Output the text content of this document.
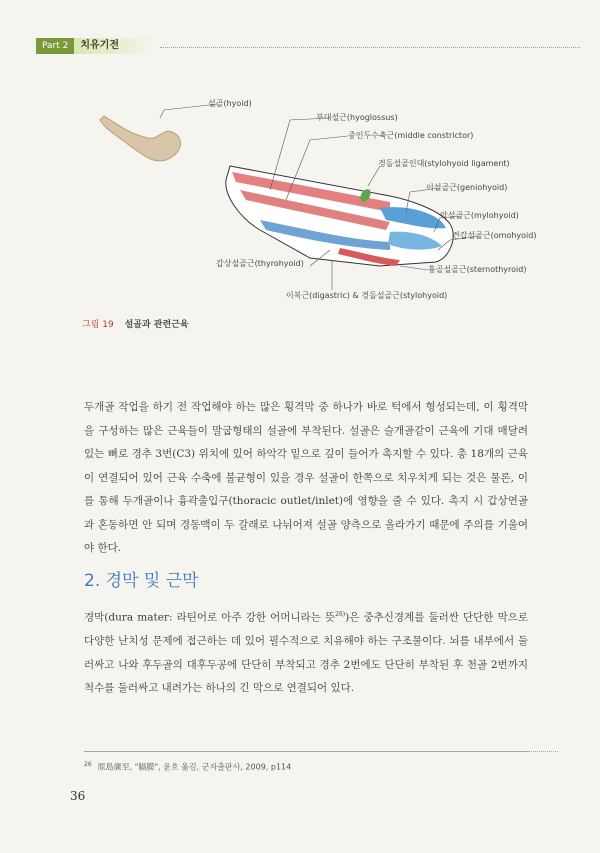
Part 2	치유기전
설골(hyoid)
부대설근(hyoglossus)
중인두수축근(middle constrictor)
경돌설골인대(stylohyoid ligament)
이설골근(geniohyoid)
악설골근(mylohyoid)
견갑설골근(omohyoid)
갑상설골근(thyrohyoid)
흉골설골근(sternothyroid)
이복근(digastric) & 경돌설골근(stylohyoid)
그림 19 설골과 관련근육

두개골 작업을 하기 전 작업해야 하는 많은 횡격막 중 하나가 바로 턱에서 형성되는데, 이 횡격막을 구성하는 많은 근육들이 말굽형태의 설골에 부착된다. 설골은 슬개골같이 근육에 기대 매달려 있는 뼈로 경추 3번(C3) 위치에 있어 하악각 밑으로 깊이 들어가 촉지할 수 있다. 총 18개의 근육이 연결되어 있어 근육 수축에 불균형이 있을 경우 설골이 한쪽으로 치우치게 되는 것은 물론, 이를 통해 두개골이나 흉곽출입구(thoracic outlet/inlet)에 영향을 줄 수 있다. 촉지 시 갑상연골과 혼동하면 안 되며 경동맥이 두 갈래로 나뉘어져 설골 양측으로 올라가기 때문에 주의를 기울여야 한다.

2. 경막 및 근막

경막(dura mater: 라틴어로 아주 강한 어머니라는 뜻$^{26)}$)은 중추신경계를 둘러싼 단단한 막으로 다양한 난치성 문제에 접근하는 데 있어 필수적으로 치유해야 하는 구조물이다. 뇌를 내부에서 둘러싸고 나와 후두골의 대후두공에 단단히 부착되고 경추 2번에도 단단히 부착된 후 천골 2번까지 척수를 둘러싸고 내려가는 하나의 긴 막으로 연결되어 있다.

$^{26}$ 原島廣至, "膈膜", 윤호 옮김, 군자출판사, 2009, p114
36
